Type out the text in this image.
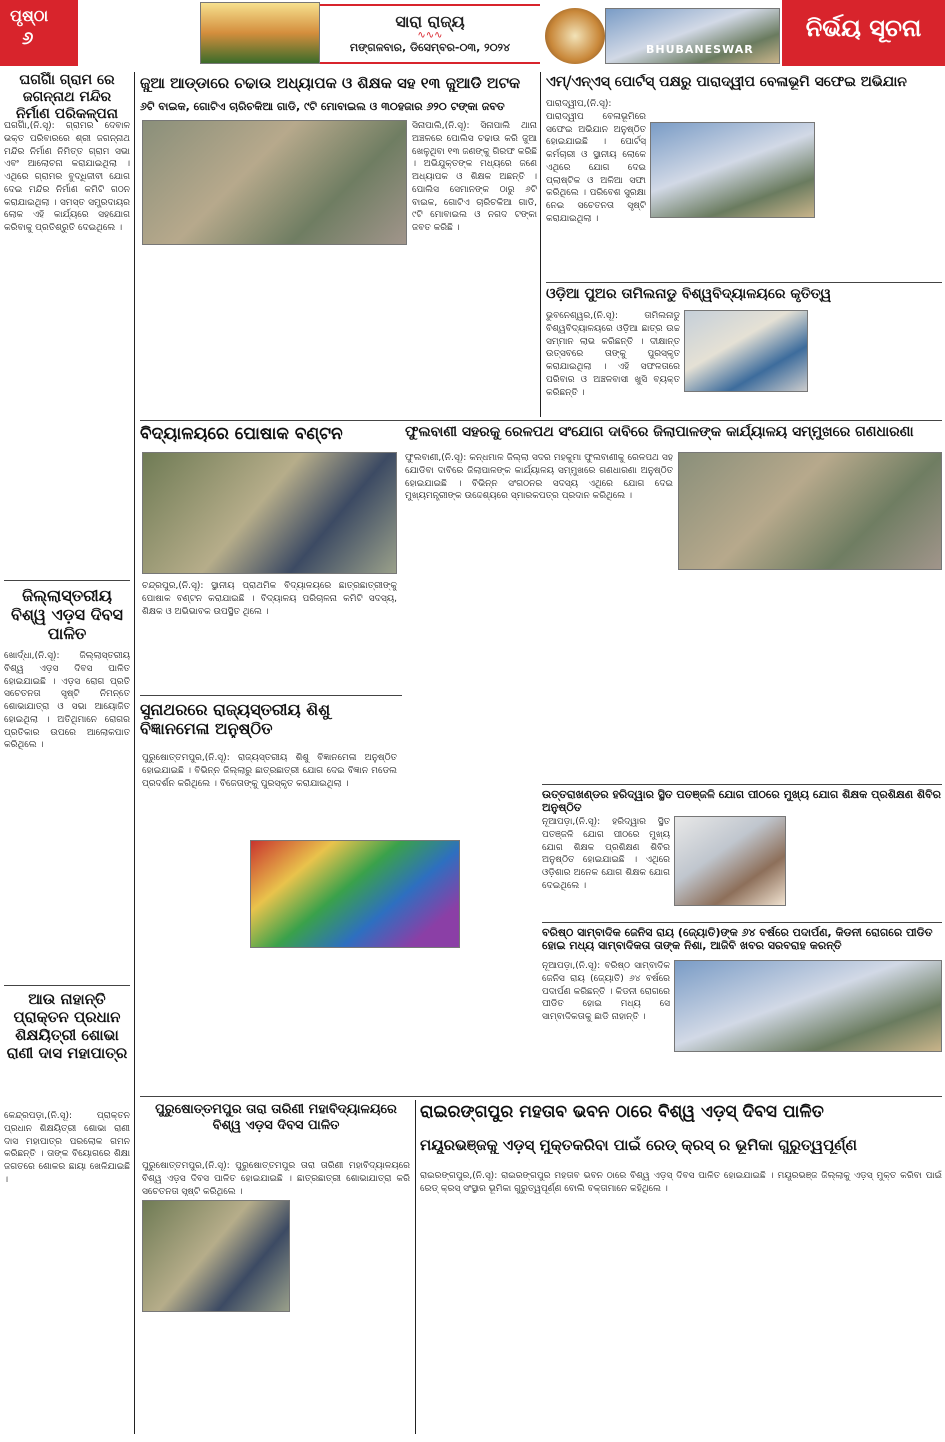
ପୃଷ୍ଠା
୬
ସାରା ରାଜ୍ୟ
∿∿∿
ମଙ୍ଗଳବାର, ଡିସେମ୍ବର-୦୩, ୨୦୨୪	BHUBANESWAR
ନିର୍ଭୟ ସୂଚନା
ଘଗର୍ଗାଁ ଗ୍ରାମ ରେ ଜଗନ୍ନାଥ ମନ୍ଦିର ନିର୍ମାଣ ପରିକଳ୍ପନା
ଘଗର୍ଗାଁ,(ନି.ସୂ): ଗ୍ରାମର ଦେବାଳ ଭକ୍ତ ପରିବାରରେ ଶ୍ରୀ ଜଗନ୍ନାଥ ମନ୍ଦିର ନିର୍ମାଣ ନିମିତ୍ତ ଗ୍ରାମ ସଭା ଏବଂ ଆଲୋଚନା କରାଯାଇଥିଲା । ଏଥିରେ ଗ୍ରାମର ବୁଦ୍ଧିଜୀବୀ ଯୋଗ ଦେଇ ମନ୍ଦିର ନିର୍ମାଣ କମିଟି ଗଠନ କରାଯାଇଥିଲା । ସମସ୍ତ ସମ୍ପ୍ରଦାୟର ଲୋକ ଏହି କାର୍ଯ୍ୟରେ ସହଯୋଗ କରିବାକୁ ପ୍ରତିଶ୍ରୁତି ଦେଇଥିଲେ ।
ଜିଲ୍ଲାସ୍ତରୀୟ ବିଶ୍ୱ ଏଡ଼ସ ଦିବସ ପାଳିତ
ଖୋର୍ଦ୍ଧା,(ନି.ସୂ): ଜିଲ୍ଲାସ୍ତରୀୟ ବିଶ୍ୱ ଏଡ଼ସ ଦିବସ ପାଳିତ ହୋଇଯାଇଛି । ଏଡ଼ସ ରୋଗ ପ୍ରତି ସଚେତନତା ସୃଷ୍ଟି ନିମନ୍ତେ ଶୋଭାଯାତ୍ରା ଓ ସଭା ଆୟୋଜିତ ହୋଇଥିଲା । ଅତିଥିମାନେ ରୋଗର ପ୍ରତିକାର ଉପରେ ଆଲୋକପାତ କରିଥିଲେ ।
ଆଉ ନାହାନ୍ତି ପ୍ରାକ୍ତନ ପ୍ରଧାନ ଶିକ୍ଷୟିତ୍ରୀ ଶୋଭା ରାଣୀ ଦାସ ମହାପାତ୍ର
କେନ୍ଦ୍ରପଡ଼ା,(ନି.ସୂ): ପ୍ରାକ୍ତନ ପ୍ରଧାନ ଶିକ୍ଷୟିତ୍ରୀ ଶୋଭା ରାଣୀ ଦାସ ମହାପାତ୍ର ପରଲୋକ ଗମନ କରିଛନ୍ତି । ତାଙ୍କ ବିୟୋଗରେ ଶିକ୍ଷା ଜଗତରେ ଶୋକର ଛାୟା ଖେଳିଯାଇଛି ।
ଜୁଆ ଆଡ୍ଡାରେ ଚଢାଉ ଅଧ୍ୟାପକ ଓ ଶିକ୍ଷକ ସହ ୧୩ ଜୁଆଡି ଅଟକ
୬ଟି ବାଇକ, ଗୋଟିଏ ଚାରିଚକିଆ ଗାଡି, ୯ଟି ମୋବାଇଲ ଓ ୩୦ହଜାର ୬୨୦ ଟଙ୍କା ଜବତ
ସିନାପାଲି,(ନି.ସୂ): ସିନାପାଲି ଥାନା ଅଞ୍ଚଳରେ ପୋଲିସ ଚଢାଉ କରି ଜୁଆ ଖେଳୁଥିବା ୧୩ ଜଣଙ୍କୁ ଗିରଫ କରିଛି । ଅଭିଯୁକ୍ତଙ୍କ ମଧ୍ୟରେ ଜଣେ ଅଧ୍ୟାପକ ଓ ଶିକ୍ଷକ ଅଛନ୍ତି । ପୋଲିସ ସେମାନଙ୍କ ଠାରୁ ୬ଟି ବାଇକ, ଗୋଟିଏ ଚାରିଚକିଆ ଗାଡି, ୯ଟି ମୋବାଇଲ ଓ ନଗଦ ଟଙ୍କା ଜବତ କରିଛି ।
ଏମ୍/ଏନ୍ଏସ୍ ପୋର୍ଟସ୍ ପକ୍ଷରୁ ପାରାଦ୍ୱୀପ ବେଳାଭୂମି ସଫେଇ ଅଭିଯାନ
ପାରାଦ୍ୱୀପ,(ନି.ସୂ): ପାରାଦ୍ୱୀପ ବେଳାଭୂମିରେ ସଫେଇ ଅଭିଯାନ ଅନୁଷ୍ଠିତ ହୋଇଯାଇଛି । ପୋର୍ଟସ୍ କର୍ମଚାରୀ ଓ ସ୍ଥାନୀୟ ଲୋକେ ଏଥିରେ ଯୋଗ ଦେଇ ପ୍ଲାଷ୍ଟିକ ଓ ଅଳିଆ ସଫା କରିଥିଲେ । ପରିବେଶ ସୁରକ୍ଷା ନେଇ ସଚେତନତା ସୃଷ୍ଟି କରାଯାଇଥିଲା ।
ଓଡ଼ିଆ ପୁଅର ତାମିଲନାଡୁ ବିଶ୍ୱବିଦ୍ୟାଳୟରେ କୃତିତ୍ୱ
ଭୁବନେଶ୍ୱର,(ନି.ସୂ): ତାମିଲନାଡୁ ବିଶ୍ୱବିଦ୍ୟାଳୟରେ ଓଡ଼ିଆ ଛାତ୍ର ଉଚ୍ଚ ସମ୍ମାନ ଲାଭ କରିଛନ୍ତି । ଦୀକ୍ଷାନ୍ତ ଉତ୍ସବରେ ତାଙ୍କୁ ପୁରସ୍କୃତ କରାଯାଇଥିଲା । ଏହି ସଫଳତାରେ ପରିବାର ଓ ଅଞ୍ଚଳବାସୀ ଖୁସି ବ୍ୟକ୍ତ କରିଛନ୍ତି ।
ବିଦ୍ୟାଳୟରେ ପୋଷାକ ବଣ୍ଟନ
ଚନ୍ଦ୍ରପୁର,(ନି.ସୂ): ସ୍ଥାନୀୟ ପ୍ରାଥମିକ ବିଦ୍ୟାଳୟରେ ଛାତ୍ରଛାତ୍ରୀଙ୍କୁ ପୋଷାକ ବଣ୍ଟନ କରାଯାଇଛି । ବିଦ୍ୟାଳୟ ପରିଚାଳନା କମିଟି ସଦସ୍ୟ, ଶିକ୍ଷକ ଓ ଅଭିଭାବକ ଉପସ୍ଥିତ ଥିଲେ ।
ଫୁଲବାଣୀ ସହରକୁ ରେଳପଥ ସଂଯୋଗ ଦାବିରେ ଜିଲାପାଳଙ୍କ କାର୍ଯ୍ୟାଳୟ ସମ୍ମୁଖରେ ଗଣଧାରଣା
ଫୁଲବାଣୀ,(ନି.ସୂ): କନ୍ଧମାଳ ଜିଲ୍ଲା ସଦର ମହକୁମା ଫୁଲବାଣୀକୁ ରେଳପଥ ସହ ଯୋଡିବା ଦାବିରେ ଜିଲାପାଳଙ୍କ କାର୍ଯ୍ୟାଳୟ ସମ୍ମୁଖରେ ଗଣଧାରଣା ଅନୁଷ୍ଠିତ ହୋଇଯାଇଛି । ବିଭିନ୍ନ ସଂଗଠନର ସଦସ୍ୟ ଏଥିରେ ଯୋଗ ଦେଇ ମୁଖ୍ୟମନ୍ତ୍ରୀଙ୍କ ଉଦ୍ଦେଶ୍ୟରେ ସ୍ମାରକପତ୍ର ପ୍ରଦାନ କରିଥିଲେ ।
ସୁନାଥରରେ ରାଜ୍ୟସ୍ତରୀୟ ଶିଶୁ ବିଜ୍ଞାନମେଳା ଅନୁଷ୍ଠିତ
ପୁରୁଷୋତ୍ତମପୁର,(ନି.ସୂ): ରାଜ୍ୟସ୍ତରୀୟ ଶିଶୁ ବିଜ୍ଞାନମେଳା ଅନୁଷ୍ଠିତ ହୋଇଯାଇଛି । ବିଭିନ୍ନ ଜିଲ୍ଲାରୁ ଛାତ୍ରଛାତ୍ରୀ ଯୋଗ ଦେଇ ବିଜ୍ଞାନ ମଡେଲ ପ୍ରଦର୍ଶନ କରିଥିଲେ । ବିଜେତାଙ୍କୁ ପୁରସ୍କୃତ କରାଯାଇଥିଲା ।
ଉତ୍ତରାଖଣ୍ଡର ହରିଦ୍ୱାର ସ୍ଥିତ ପତଞ୍ଜଳି ଯୋଗ ପୀଠରେ ମୁଖ୍ୟ ଯୋଗ ଶିକ୍ଷକ ପ୍ରଶିକ୍ଷଣ ଶିବିର ଅନୁଷ୍ଠିତ
ନୂଆପଡ଼ା,(ନି.ସୂ): ହରିଦ୍ୱାର ସ୍ଥିତ ପତଞ୍ଜଳି ଯୋଗ ପୀଠରେ ମୁଖ୍ୟ ଯୋଗ ଶିକ୍ଷକ ପ୍ରଶିକ୍ଷଣ ଶିବିର ଅନୁଷ୍ଠିତ ହୋଇଯାଇଛି । ଏଥିରେ ଓଡ଼ିଶାର ଅନେକ ଯୋଗ ଶିକ୍ଷକ ଯୋଗ ଦେଇଥିଲେ ।
ବରିଷ୍ଠ ସାମ୍ବାଦିକ ଜେନିସ ରାୟ (ଜ୍ୟୋତି)ଙ୍କ ୬୪ ବର୍ଷରେ ପଦାର୍ପଣ, କିଡନୀ ରୋଗରେ ପୀଡିତ ହୋଇ ମଧ୍ୟ ସାମ୍ବାଦିକତା ତାଙ୍କ ନିଶା, ଆଜିବି ଖବର ସରବରାହ କରନ୍ତି
ନୂଆପଡ଼ା,(ନି.ସୂ): ବରିଷ୍ଠ ସାମ୍ବାଦିକ ଜେନିସ ରାୟ (ଜ୍ୟୋତି) ୬୪ ବର୍ଷରେ ପଦାର୍ପଣ କରିଛନ୍ତି । କିଡନୀ ରୋଗରେ ପୀଡିତ ହୋଇ ମଧ୍ୟ ସେ ସାମ୍ବାଦିକତାକୁ ଛାଡି ନାହାନ୍ତି ।
ପୁରୁଷୋତ୍ତମପୁର ତାରା ତାରିଣୀ ମହାବିଦ୍ୟାଳୟରେ ବିଶ୍ୱ ଏଡ଼ସ ଦିବସ ପାଳିତ
ପୁରୁଷୋତ୍ତମପୁର,(ନି.ସୂ): ପୁରୁଷୋତ୍ତମପୁର ତାରା ତାରିଣୀ ମହାବିଦ୍ୟାଳୟରେ ବିଶ୍ୱ ଏଡ଼ସ ଦିବସ ପାଳିତ ହୋଇଯାଇଛି । ଛାତ୍ରଛାତ୍ରୀ ଶୋଭାଯାତ୍ରା କରି ସଚେତନତା ସୃଷ୍ଟି କରିଥିଲେ ।
ରାଇରଙ୍ଗପୁର ମହତାବ ଭବନ ଠାରେ ବିଶ୍ୱ ଏଡ଼ସ୍ ଦିବସ ପାଳିତ
ମୟୂରଭଞ୍ଜକୁ ଏଡ଼ସ୍ ମୁକ୍ତକରିବା ପାଇଁ ରେଡ୍ କ୍ରସ୍ ର ଭୂମିକା ଗୁରୁତ୍ୱପୂର୍ଣ୍ଣ
ରାଇରଙ୍ଗପୁର,(ନି.ସୂ): ରାଇରଙ୍ଗପୁର ମହତାବ ଭବନ ଠାରେ ବିଶ୍ୱ ଏଡ଼ସ୍ ଦିବସ ପାଳିତ ହୋଇଯାଇଛି । ମୟୂରଭଞ୍ଜ ଜିଲ୍ଲାକୁ ଏଡ଼ସ୍ ମୁକ୍ତ କରିବା ପାଇଁ ରେଡ୍ କ୍ରସ୍ ସଂସ୍ଥାର ଭୂମିକା ଗୁରୁତ୍ୱପୂର୍ଣ୍ଣ ବୋଲି ବକ୍ତାମାନେ କହିଥିଲେ ।
